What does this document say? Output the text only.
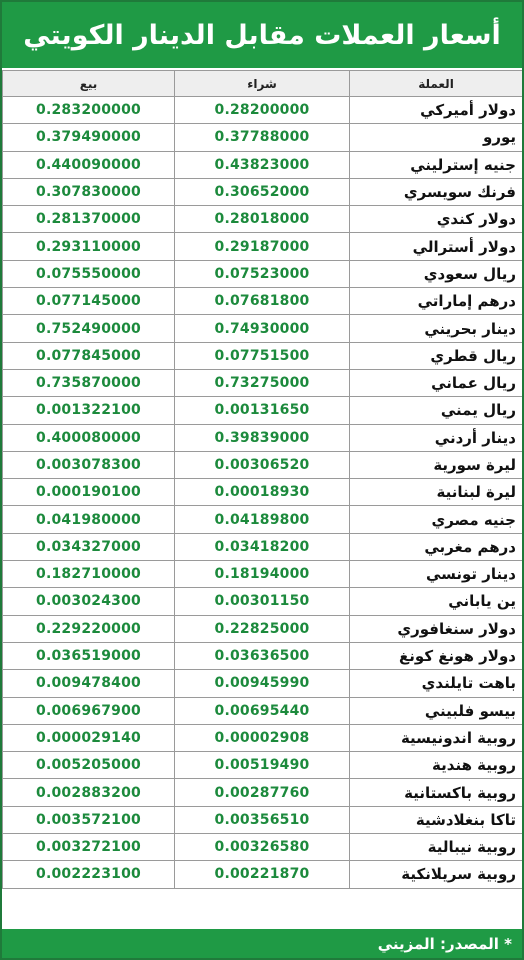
أسعار العملات مقابل الدينار الكويتي
بيع	شراء	العملة
0.283200000	0.28200000	دولار أميركي
0.379490000	0.37788000	يورو
0.440090000	0.43823000	جنيه إسترليني
0.307830000	0.30652000	فرنك سويسري
0.281370000	0.28018000	دولار كندي
0.293110000	0.29187000	دولار أسترالي
0.075550000	0.07523000	ريال سعودي
0.077145000	0.07681800	درهم إماراتي
0.752490000	0.74930000	دينار بحريني
0.077845000	0.07751500	ريال قطري
0.735870000	0.73275000	ريال عماني
0.001322100	0.00131650	ريال يمني
0.400080000	0.39839000	دينار أردني
0.003078300	0.00306520	ليرة سورية
0.000190100	0.00018930	ليرة لبنانية
0.041980000	0.04189800	جنيه مصري
0.034327000	0.03418200	درهم مغربي
0.182710000	0.18194000	دينار تونسي
0.003024300	0.00301150	ين ياباني
0.229220000	0.22825000	دولار سنغافوري
0.036519000	0.03636500	دولار هونغ كونغ
0.009478400	0.00945990	باهت تايلندي
0.006967900	0.00695440	بيسو فلبيني
0.000029140	0.00002908	روبية اندونيسية
0.005205000	0.00519490	روبية هندية
0.002883200	0.00287760	روبية باكستانية
0.003572100	0.00356510	تاكا بنغلادشية
0.003272100	0.00326580	روبية نيبالية
0.002223100	0.00221870	روبية سريلانكية
* المصدر: المزيني
